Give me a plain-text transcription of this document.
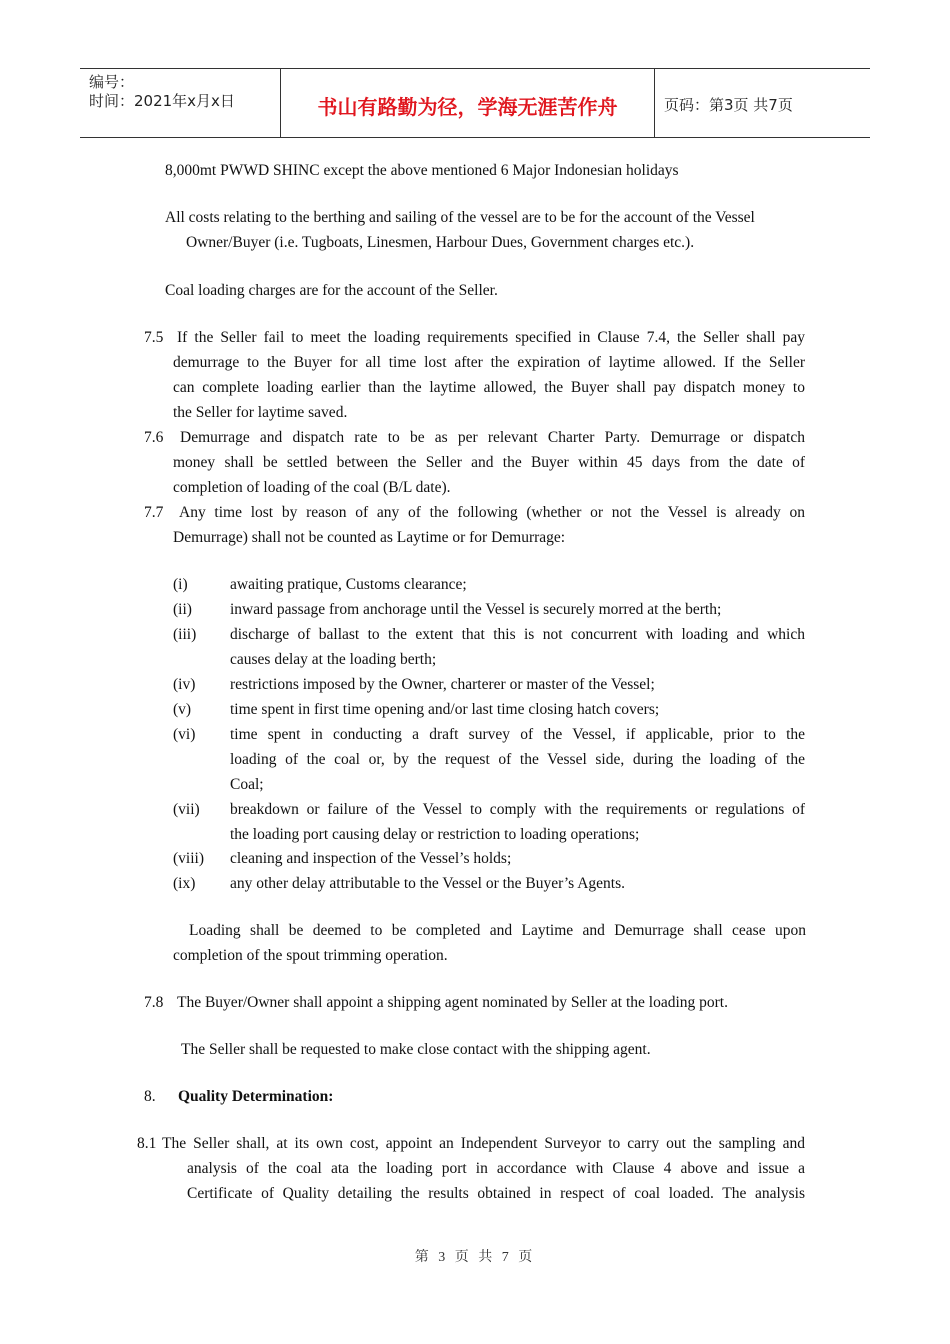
编号：
时间：2021年x月x日	书山有路勤为径，学海无涯苦作舟	页码：第3页 共7页
8,000mt PWWD SHINC except the above mentioned 6 Major Indonesian holidays
All costs relating to the berthing and sailing of the vessel are to be for the account of the Vessel
Owner/Buyer (i.e. Tugboats, Linesmen, Harbour Dues, Government charges etc.).
Coal loading charges are for the account of the Seller.
7.5 If the Seller fail to meet the loading requirements specified in Clause 7.4, the Seller shall pay
demurrage to the Buyer for all time lost after the expiration of laytime allowed. If the Seller
can complete loading earlier than the laytime allowed, the Buyer shall pay dispatch money to
the Seller for laytime saved.
7.6 Demurrage and dispatch rate to be as per relevant Charter Party. Demurrage or dispatch
money shall be settled between the Seller and the Buyer within 45 days from the date of
completion of loading of the coal (B/L date).
7.7 Any time lost by reason of any of the following (whether or not the Vessel is already on
Demurrage) shall not be counted as Laytime or for Demurrage:
(i)	awaiting pratique, Customs clearance;
(ii) inward passage from anchorage until the Vessel is securely morred at the berth;
(iii) discharge of ballast to the extent that this is not concurrent with loading and which
causes delay at the loading berth;
(iv) restrictions imposed by the Owner, charterer or master of the Vessel;
(v)	time spent in first time opening and/or last time closing hatch covers;
(vi) time spent in conducting a draft survey of the Vessel, if applicable, prior to the
loading of the coal or, by the request of the Vessel side, during the loading of the
Coal;
(vii) breakdown or failure of the Vessel to comply with the requirements or regulations of
the loading port causing delay or restriction to loading operations;
(viii) cleaning and inspection of the Vessel’s holds;
(ix) any other delay attributable to the Vessel or the Buyer’s Agents.
Loading shall be deemed to be completed and Laytime and Demurrage shall cease upon
completion of the spout trimming operation.
7.8 The Buyer/Owner shall appoint a shipping agent nominated by Seller at the loading port.
The Seller shall be requested to make close contact with the shipping agent.
8. Quality Determination:
8.1 The Seller shall, at its own cost, appoint an Independent Surveyor to carry out the sampling and
analysis of the coal ata the loading port in accordance with Clause 4 above and issue a
Certificate of Quality detailing the results obtained in respect of coal loaded. The analysis
第 3 页 共 7 页
